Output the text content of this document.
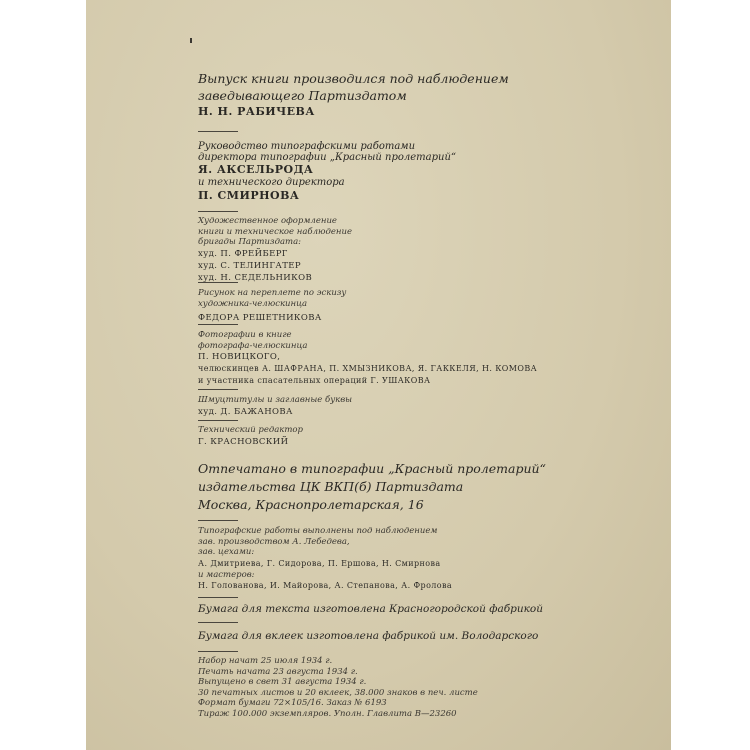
Выпуск книги производился под наблюдением
заведывающего Партиздатом
Н. Н. РАБИЧЕВА
Руководство типографскими работами
директора типографии „Красный пролетарий“
Я. АКСЕЛЬРОДА
и технического директора
П. СМИРНОВА
Художественное оформление
книги и техническое наблюдение
бригады Партиздата:
худ. П. ФРЕЙБЕРГ
худ. С. ТЕЛИНГАТЕР
худ. Н. СЕДЕЛЬНИКОВ
Рисунок на переплете по эскизу
художника-челюскинца
ФЕДОРА РЕШЕТНИКОВА
Фотографии в книге
фотографа-челюскинца
П. НОВИЦКОГО,
челюскинцев А. ШАФРАНА, П. ХМЫЗНИКОВА, Я. ГАККЕЛЯ, Н. КОМОВА
и участника спасательных операций Г. УШАКОВА
Шмуцтитулы и заглавные буквы
худ. Д. БАЖАНОВА
Технический редактор
Г. КРАСНОВСКИЙ
Отпечатано в типографии „Красный пролетарий“
издательства ЦК ВКП(б) Партиздата
Москва, Краснопролетарская, 16
Типографские работы выполнены под наблюдением
зав. производством А. Лебедева,
зав. цехами:
А. Дмитриева, Г. Сидорова, П. Ершова, Н. Смирнова
и мастеров:
Н. Голованова, И. Майорова, А. Степанова, А. Фролова
Бумага для текста изготовлена Красногородской фабрикой
Бумага для вклеек изготовлена фабрикой им. Володарского
Набор начат 25 июля 1934 г.
Печать начата 23 августа 1934 г.
Выпущено в свет 31 августа 1934 г.
30 печатных листов и 20 вклеек, 38.000 знаков в печ. листе
Формат бумаги 72×105/16. Заказ № 6193
Тираж 100.000 экземпляров. Уполн. Главлита В—23260
